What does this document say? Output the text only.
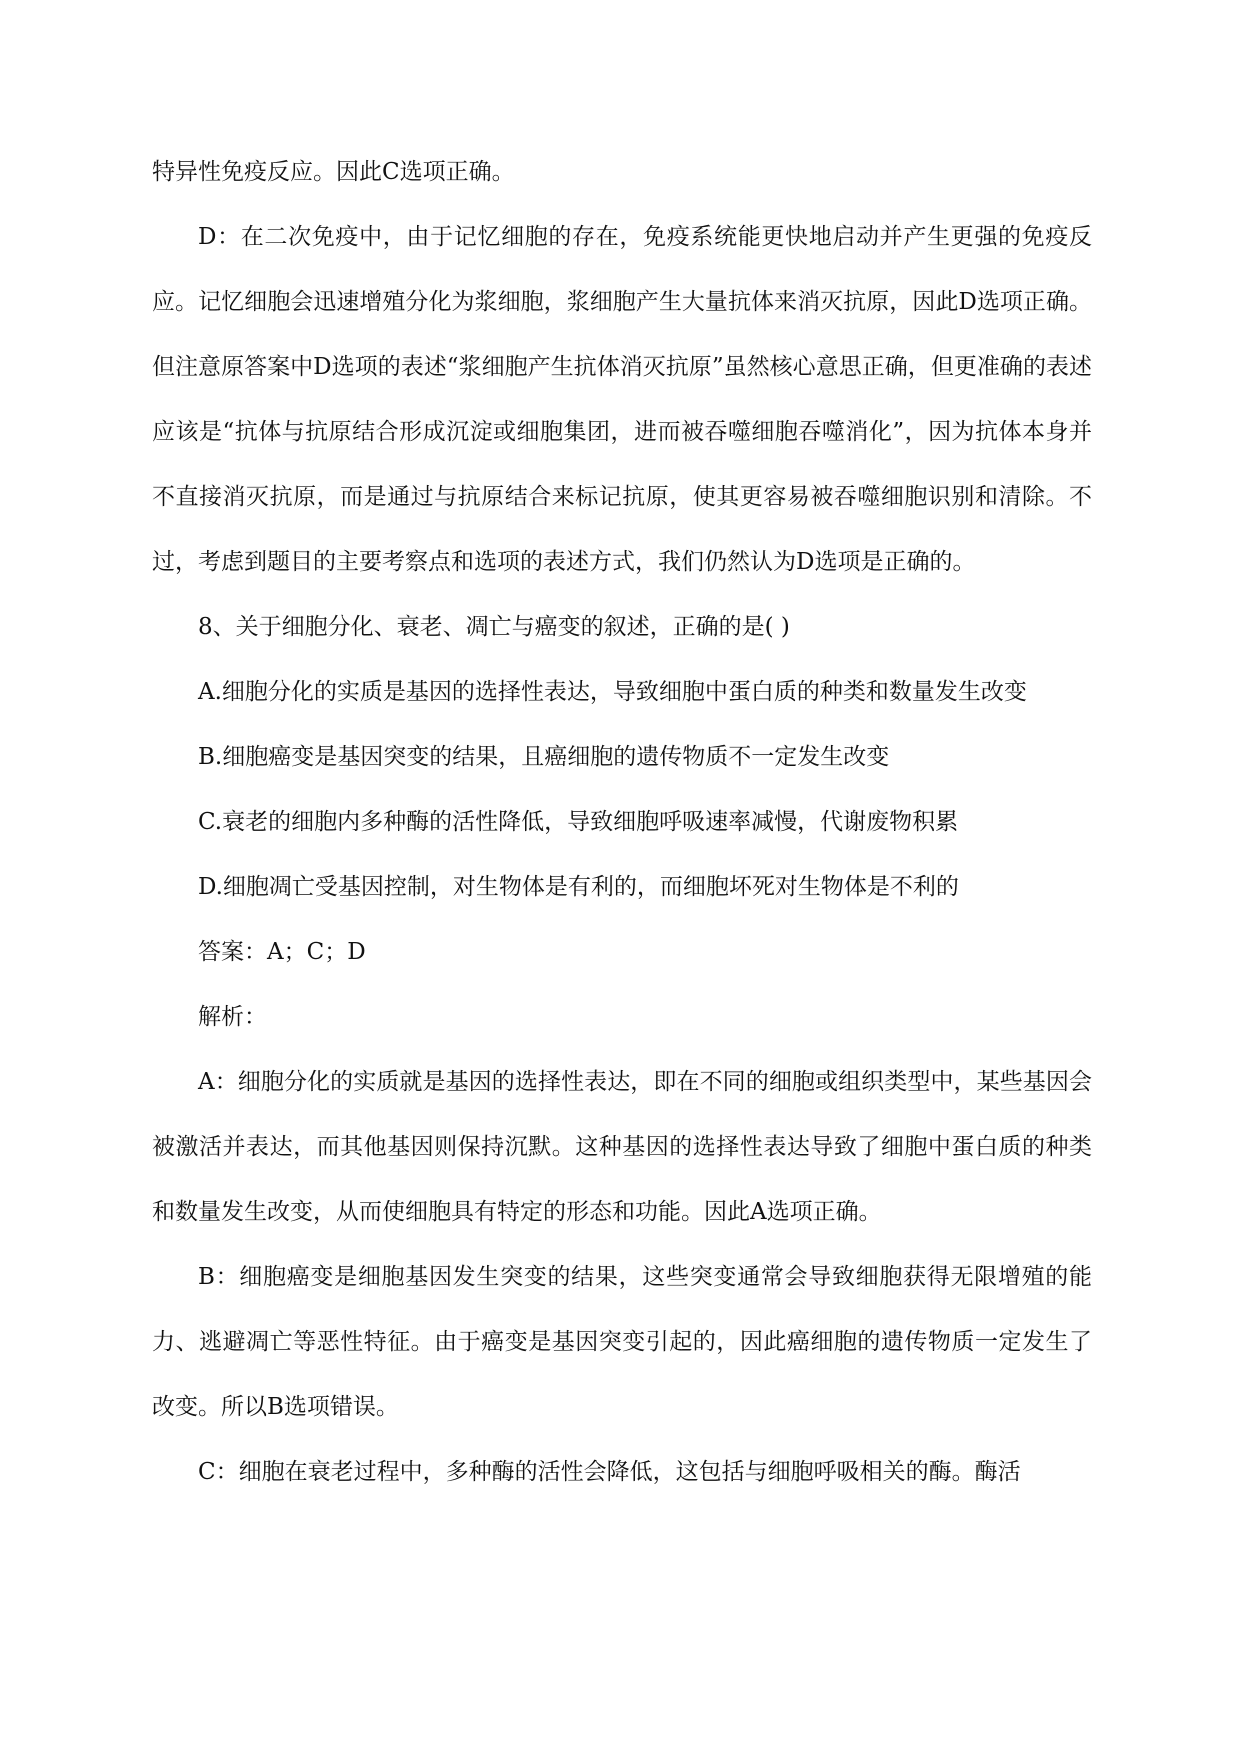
特异性免疫反应。因此C选项正确。

D：在二次免疫中，由于记忆细胞的存在，免疫系统能更快地启动并产生更强的免疫反应。记忆细胞会迅速增殖分化为浆细胞，浆细胞产生大量抗体来消灭抗原，因此D选项正确。但注意原答案中D选项的表述“浆细胞产生抗体消灭抗原”虽然核心意思正确，但更准确的表述应该是“抗体与抗原结合形成沉淀或细胞集团，进而被吞噬细胞吞噬消化”，因为抗体本身并不直接消灭抗原，而是通过与抗原结合来标记抗原，使其更容易被吞噬细胞识别和清除。不过，考虑到题目的主要考察点和选项的表述方式，我们仍然认为D选项是正确的。

8、关于细胞分化、衰老、凋亡与癌变的叙述，正确的是( )

A.细胞分化的实质是基因的选择性表达，导致细胞中蛋白质的种类和数量发生改变

B.细胞癌变是基因突变的结果，且癌细胞的遗传物质不一定发生改变

C.衰老的细胞内多种酶的活性降低，导致细胞呼吸速率减慢，代谢废物积累

D.细胞凋亡受基因控制，对生物体是有利的，而细胞坏死对生物体是不利的

答案：A；C；D

解析：

A：细胞分化的实质就是基因的选择性表达，即在不同的细胞或组织类型中，某些基因会被激活并表达，而其他基因则保持沉默。这种基因的选择性表达导致了细胞中蛋白质的种类和数量发生改变，从而使细胞具有特定的形态和功能。因此A选项正确。

B：细胞癌变是细胞基因发生突变的结果，这些突变通常会导致细胞获得无限增殖的能力、逃避凋亡等恶性特征。由于癌变是基因突变引起的，因此癌细胞的遗传物质一定发生了改变。所以B选项错误。

C：细胞在衰老过程中，多种酶的活性会降低，这包括与细胞呼吸相关的酶。酶活
